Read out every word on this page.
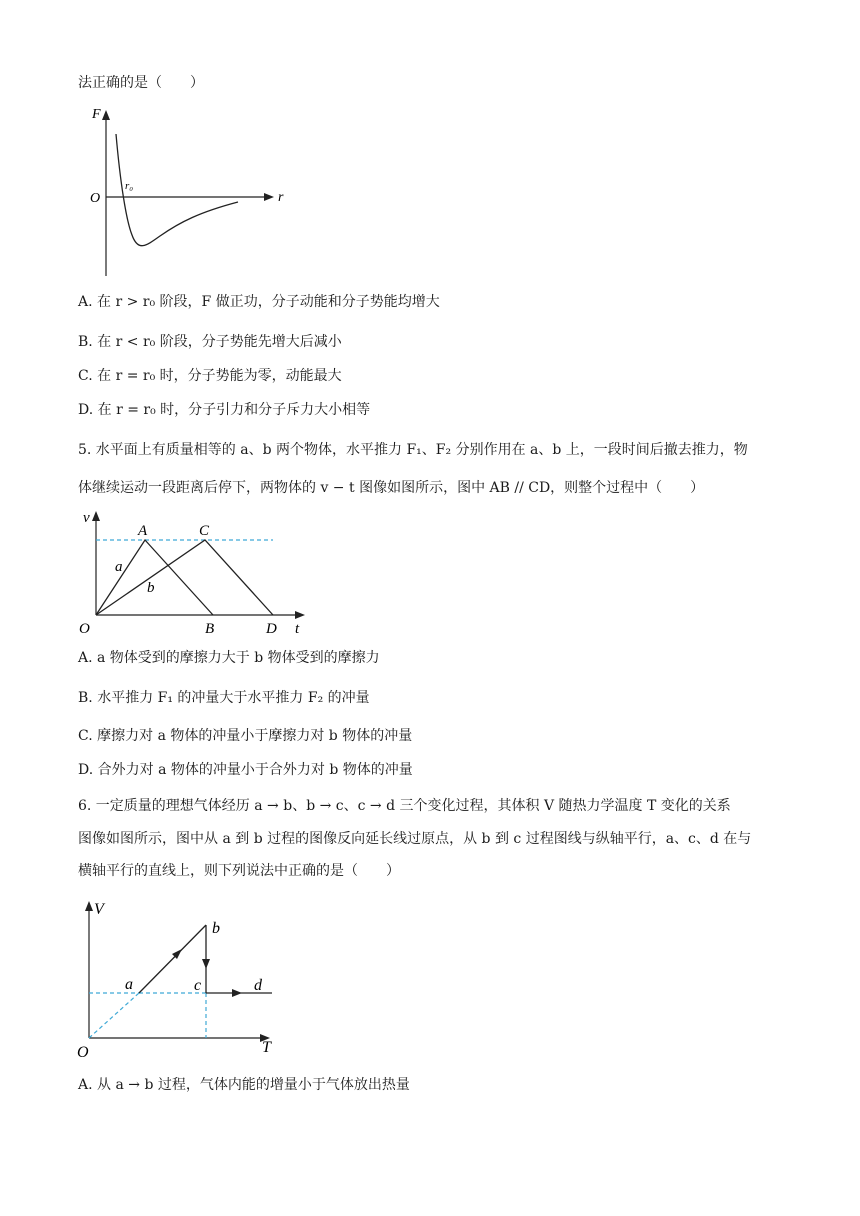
法正确的是（　　）
F
O	r
r₀
A. 在 r > r₀ 阶段，F 做正功，分子动能和分子势能均增大
B. 在 r < r₀ 阶段，分子势能先增大后减小
C. 在 r = r₀ 时，分子势能为零，动能最大
D. 在 r = r₀ 时，分子引力和分子斥力大小相等
5. 水平面上有质量相等的 a、b 两个物体，水平推力 F₁、F₂ 分别作用在 a、b 上，一段时间后撤去推力，物
体继续运动一段距离后停下，两物体的 v − t 图像如图所示，图中 AB // CD，则整个过程中（　　）
v
t
O
A	C
B	D
a
b
A. a 物体受到的摩擦力大于 b 物体受到的摩擦力
B. 水平推力 F₁ 的冲量大于水平推力 F₂ 的冲量
C. 摩擦力对 a 物体的冲量小于摩擦力对 b 物体的冲量
D. 合外力对 a 物体的冲量小于合外力对 b 物体的冲量
6. 一定质量的理想气体经历 a → b、b → c、c → d 三个变化过程，其体积 V 随热力学温度 T 变化的关系
图像如图所示，图中从 a 到 b 过程的图像反向延长线过原点，从 b 到 c 过程图线与纵轴平行，a、c、d 在与
横轴平行的直线上，则下列说法中正确的是（　　）
V
T
O
a
b
c	d
A. 从 a → b 过程，气体内能的增量小于气体放出热量
